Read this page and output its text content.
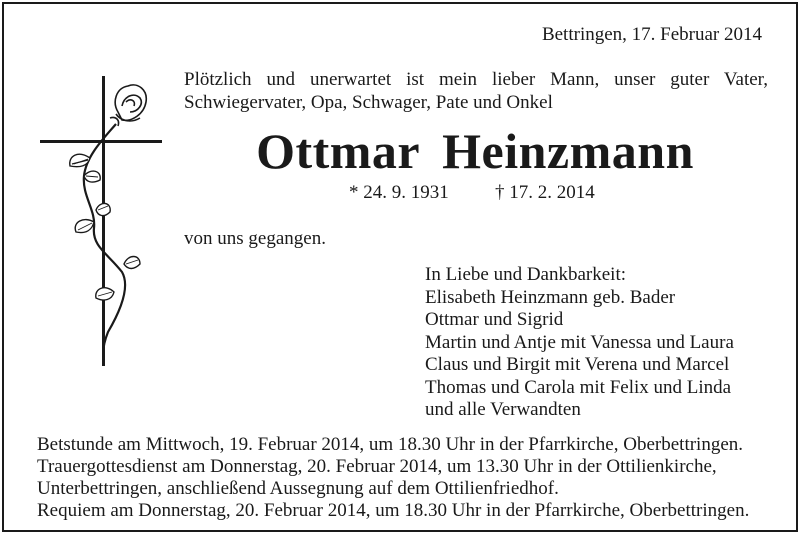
Bettringen, 17. Februar 2014
Plötzlich und unerwartet ist mein lieber Mann, unser guter Vater,
Schwiegervater, Opa, Schwager, Pate und Onkel
Ottmar Heinzmann
* 24. 9. 1931 † 17. 2. 2014
von uns gegangen.
In Liebe und Dankbarkeit:
Elisabeth Heinzmann geb. Bader
Ottmar und Sigrid
Martin und Antje mit Vanessa und Laura
Claus und Birgit mit Verena und Marcel
Thomas und Carola mit Felix und Linda
und alle Verwandten
Betstunde am Mittwoch, 19. Februar 2014, um 18.30 Uhr in der Pfarrkirche, Oberbettringen.
Trauergottesdienst am Donnerstag, 20. Februar 2014, um 13.30 Uhr in der Ottilienkirche,
Unterbettringen, anschließend Aussegnung auf dem Ottilienfriedhof.
Requiem am Donnerstag, 20. Februar 2014, um 18.30 Uhr in der Pfarrkirche, Oberbettringen.
